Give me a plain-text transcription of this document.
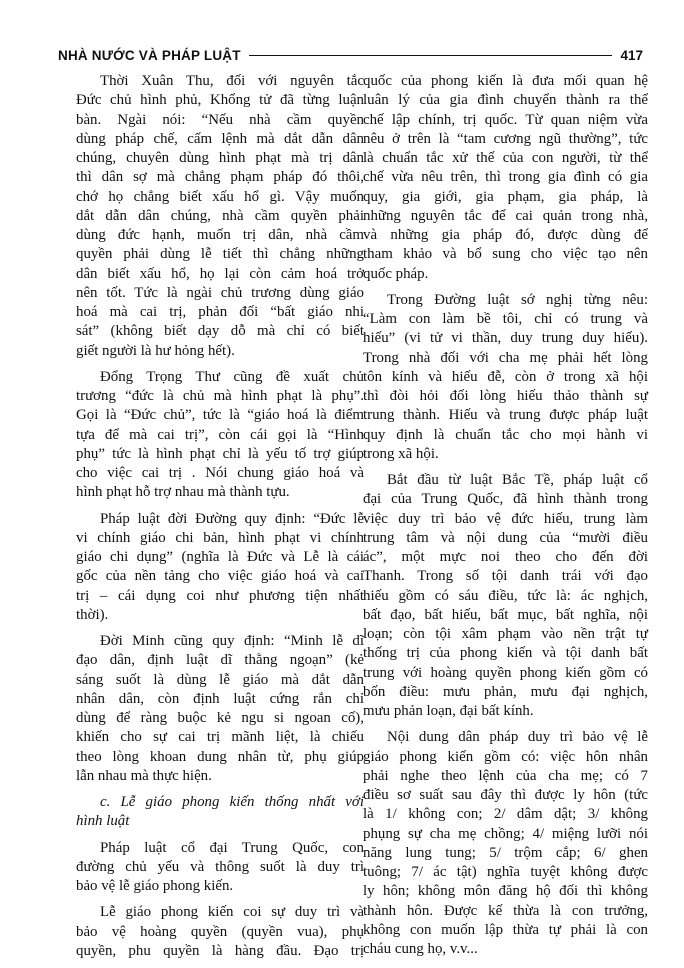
NHÀ NƯỚC VÀ PHÁP LUẬT	417
Thời Xuân Thu, đối với nguyên tắc
Đức chủ hình phủ, Khổng tử đã từng luận
bàn. Ngài nói: “Nếu nhà cầm quyền
dùng pháp chế, cấm lệnh mà dắt dẫn dân
chúng, chuyên dùng hình phạt mà trị dân
thì dân sợ mà chẳng phạm pháp đó thôi,
chớ họ chẳng biết xấu hổ gì. Vậy muốn
dắt dẫn dân chúng, nhà cầm quyền phải
dùng đức hạnh, muốn trị dân, nhà cầm
quyền phải dùng lễ tiết thì chẳng những
dân biết xấu hổ, họ lại còn cảm hoá trở
nên tốt. Tức là ngài chủ trương dùng giáo
hoá mà cai trị, phản đối “bất giáo nhi
sát” (không biết dạy dỗ mà chỉ có biết
giết người là hư hỏng hết).
Đổng Trọng Thư cũng đề xuất chủ
trương “đức là chủ mà hình phạt là phụ”.
Gọi là “Đức chủ”, tức là “giáo hoá là điểm
tựa để mà cai trị”, còn cái gọi là “Hình
phụ” tức là hình phạt chỉ là yếu tố trợ giúp
cho việc cai trị . Nói chung giáo hoá và
hình phạt hỗ trợ nhau mà thành tựu.
Pháp luật đời Đường quy định: “Đức lễ
vi chính giáo chi bản, hình phạt vi chính
giáo chi dụng” (nghĩa là Đức và Lễ là cái
gốc của nền tảng cho việc giáo hoá và cai
trị – cái dụng coi như phương tiện nhất
thời).
Đời Minh cũng quy định: “Minh lễ dĩ
đạo dân, định luật dĩ thằng ngoạn” (kẻ
sáng suốt là dùng lễ giáo mà dắt dẫn
nhân dân, còn định luật cứng rắn chỉ
dùng để ràng buộc kẻ ngu si ngoan cố),
khiến cho sự cai trị mãnh liệt, là chiếu
theo lòng khoan dung nhân từ, phụ giúp
lẫn nhau mà thực hiện.
c. Lễ giáo phong kiến thống nhất với
hình luật
Pháp luật cổ đại Trung Quốc, con
đường chủ yếu và thông suốt là duy trì
bảo vệ lễ giáo phong kiến.
Lễ giáo phong kiến coi sự duy trì và
bảo vệ hoàng quyền (quyền vua), phụ
quyền, phu quyền là hàng đầu. Đạo trị
quốc của phong kiến là đưa mối quan hệ
luân lý của gia đình chuyển thành ra thể
chế lập chính, trị quốc. Từ quan niệm vừa
nêu ở trên là “tam cương ngũ thường”, tức
là chuẩn tắc xử thế của con người, từ thể
chế vừa nêu trên, thì trong gia đình có gia
quy, gia giới, gia phạm, gia pháp, là
những nguyên tắc để cai quản trong nhà,
và những gia pháp đó, được dùng để
tham khảo và bổ sung cho việc tạo nên
quốc pháp.
Trong Đường luật sớ nghị từng nêu:
“Làm con làm bề tôi, chỉ có trung và
hiếu” (vi tử vi thần, duy trung duy hiếu).
Trong nhà đối với cha mẹ phải hết lòng
tôn kính và hiếu đễ, còn ở trong xã hội
thì đòi hỏi đối lòng hiếu thảo thành sự
trung thành. Hiếu và trung được pháp luật
quy định là chuẩn tắc cho mọi hành vi
trong xã hội.
Bắt đầu từ luật Bắc Tề, pháp luật cổ
đại của Trung Quốc, đã hình thành trong
việc duy trì bảo vệ đức hiếu, trung làm
trung tâm và nội dung của “mười điều
ác”, một mực noi theo cho đến đời
Thanh. Trong số tội danh trái với đạo
hiếu gồm có sáu điều, tức là: ác nghịch,
bất đạo, bất hiếu, bất mục, bất nghĩa, nội
loạn; còn tội xâm phạm vào nền trật tự
thống trị của phong kiến và tội danh bất
trung với hoàng quyền phong kiến gồm có
bốn điều: mưu phản, mưu đại nghịch,
mưu phản loạn, đại bất kính.
Nội dung dân pháp duy trì bảo vệ lễ
giáo phong kiến gồm có: việc hôn nhân
phải nghe theo lệnh của cha mẹ; có 7
điều sơ suất sau đây thì được ly hôn (tức
là 1/ không con; 2/ dâm dật; 3/ không
phụng sự cha mẹ chồng; 4/ miệng lưỡi nói
năng lung tung; 5/ trộm cắp; 6/ ghen
tuông; 7/ ác tật) nghĩa tuyệt không được
ly hôn; không môn đăng hộ đối thì không
thành hôn. Được kế thừa là con trưởng,
không con muốn lập thừa tự phải là con
cháu cung họ, v.v...
